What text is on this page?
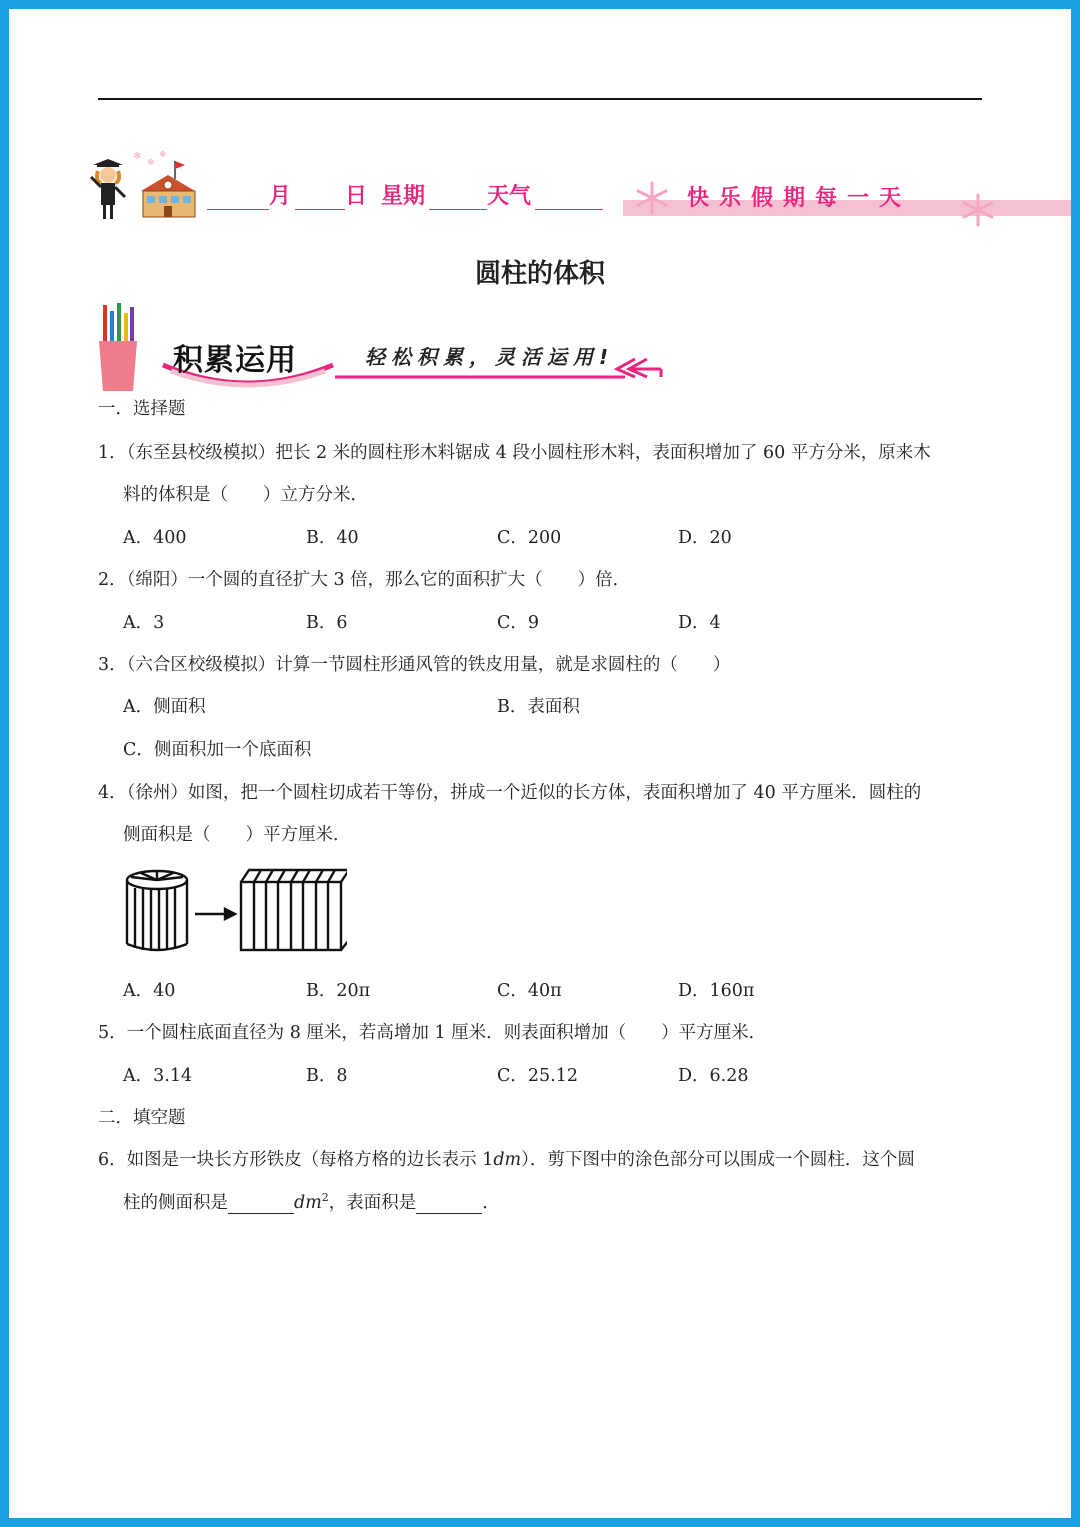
❄
❄
❄
月 日 星期	天气	快乐假期每一天
圆柱的体积
积累运用	轻松积累，灵活运用!
一．选择题
1．（东至县校级模拟）把长 2 米的圆柱形木料锯成 4 段小圆柱形木料，表面积增加了 60 平方分米，原来木
料的体积是（　　）立方分米．
A．400	B．40	C．200	D．20
2．（绵阳）一个圆的直径扩大 3 倍，那么它的面积扩大（　　）倍．
A．3	B．6	C．9	D．4
3．（六合区校级模拟）计算一节圆柱形通风管的铁皮用量，就是求圆柱的（　　）
A．侧面积	B．表面积
C．侧面积加一个底面积
4．（徐州）如图，把一个圆柱切成若干等份，拼成一个近似的长方体，表面积增加了 40 平方厘米．圆柱的
侧面积是（　　）平方厘米．
A．40	B．20π	C．40π	D．160π
5．一个圆柱底面直径为 8 厘米，若高增加 1 厘米．则表面积增加（　　）平方厘米．
A．3.14	B．8	C．25.12	D．6.28
二．填空题
6．如图是一块长方形铁皮（每格方格的边长表示 1dm）．剪下图中的涂色部分可以围成一个圆柱．这个圆
柱的侧面积是	$dm^2$，表面积是	．
